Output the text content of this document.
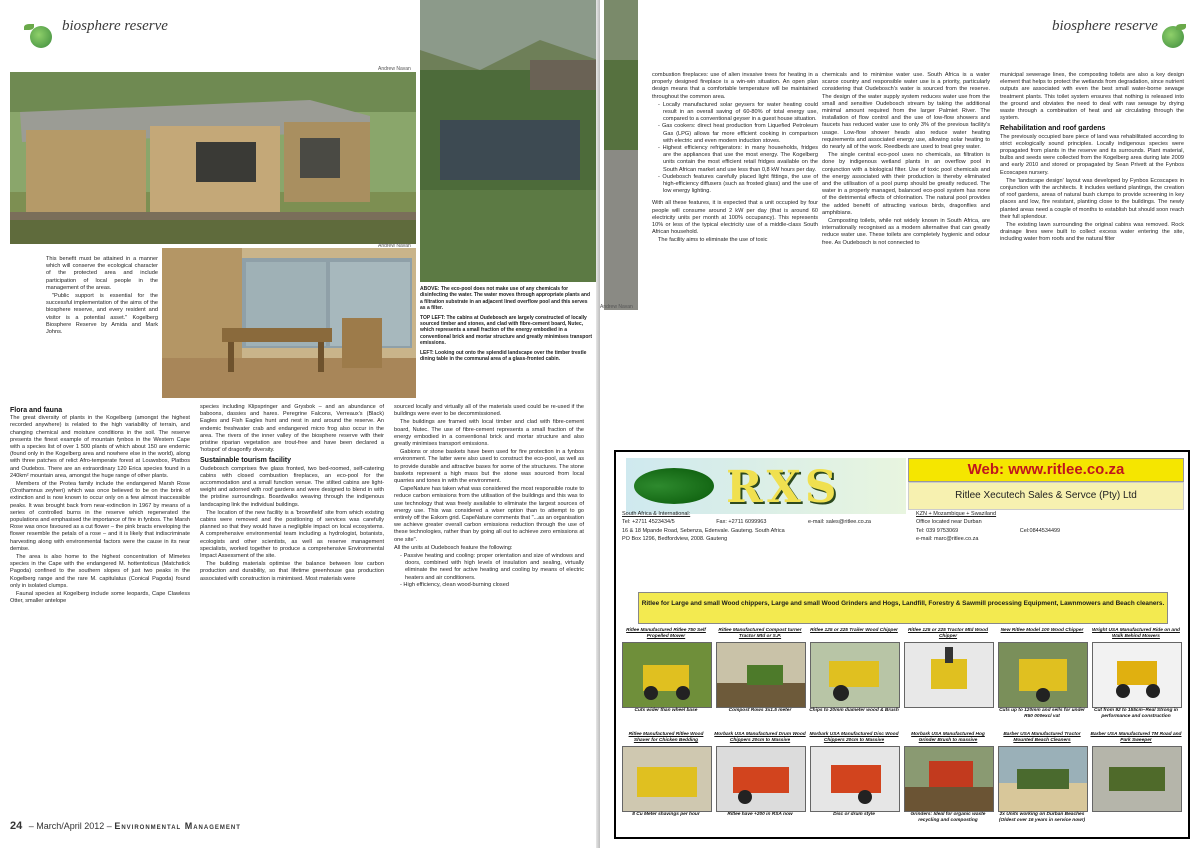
biosphere reserve
Andrew Navan
Andrew Navan

This benefit must be attained in a manner which will conserve the ecological character of the protected area and include participation of local people in the management of the areas.

"Public support is essential for the successful implementation of the aims of the biosphere reserve, and every resident and visitor is a potential asset." Kogelberg Biosphere Reserve by Amida and Mark Johns.

ABOVE: The eco-pool does not make use of any chemicals for disinfecting the water. The water moves through appropriate plants and a filtration substrate in an adjacent lined overflow pool and this serves as a filter.

TOP LEFT: The cabins at Oudebosch are largely constructed of locally sourced timber and stones, and clad with fibre-cement board, Nutec, which represents a small fraction of the energy embodied in a conventional brick and mortar structure and greatly minimises transport emissions.

LEFT: Looking out onto the splendid landscape over the timber trestle dining table in the communal area of a glass-fronted cabin.

Flora and fauna

The great diversity of plants in the Kogelberg (amongst the highest recorded anywhere) is related to the high variability of terrain, and changing chemical and moisture conditions in the soil. The reserve presents the finest example of mountain fynbos in the Western Cape with a species list of over 1 500 plants of which about 150 are endemic (found only in the Kogelberg area and nowhere else in the world), along with three patches of relict Afro-temperate forest at Louwsbos, Platbos and Oudebos. There are an extraordinary 120 Erica species found in a 240km² mountain area, amongst the huge range of other plants.

Members of the Protea family include the endangered Marsh Rose (Orothamnus zeyheri) which was once believed to be on the brink of extinction and is now known to occur only on a few almost inaccessible peaks. It was brought back from near-extinction in 1967 by means of a series of controlled burns in the reserve which regenerated the populations and emphasised the importance of fire in fynbos. The Marsh Rose was once favoured as a cut flower – the pink bracts enveloping the flower resemble the petals of a rose – and it is likely that indiscriminate harvesting along with environmental factors were the cause in its near demise.

The area is also home to the highest concentration of Mimetes species in the Cape with the endangered M. hottentoticus (Matchstick Pagoda) confined to the southern slopes of just two peaks in the Kogelberg range and the rare M. capitulatus (Conical Pagoda) found only in isolated clumps.

Faunal species at Kogelberg include some leopards, Cape Clawless Otter, smaller antelope

species including Klipspringer and Grysbok – and an abundance of baboons, dassies and hares. Peregrine Falcons, Verreaux's (Black) Eagles and Fish Eagles hunt and nest in and around the reserve. An endemic freshwater crab and endangered micro frog also occur in the area. The rivers of the inner valley of the biosphere reserve with their pristine riparian vegetation are trout-free and have been declared a 'hotspot' of dragonfly diversity.

Sustainable tourism facility

Oudebosch comprises five glass fronted, two bed-roomed, self-catering cabins with closed combustion fireplaces, an eco-pool for the accommodation and a small function venue. The stilted cabins are light-weight and adorned with roof gardens and were designed to blend in with the pristine surroundings. Boardwalks weaving through the indigenous landscaping link the individual buildings.

The location of the new facility is a 'brownfield' site from which existing cabins were removed and the positioning of services was carefully planned so that they would have a negligible impact on local ecosystems. A comprehensive environmental team including a hydrologist, botanists, ecologists and other scientists, as well as reserve management specialists, worked together to produce a comprehensive Environmental Impact Assessment of the site.

The building materials optimise the balance between low carbon production and durability, so that lifetime greenhouse gas production associated with construction is minimised. Most materials were

sourced locally and virtually all of the materials used could be re-used if the buildings were ever to be decommissioned.

The buildings are framed with local timber and clad with fibre-cement board, Nutec. The use of fibre-cement represents a small fraction of the energy embodied in a conventional brick and mortar structure and also greatly minimises transport emissions.

Gabions or stone baskets have been used for fire protection in a fynbos environment. The latter were also used to construct the eco-pool, as well as to provide durable and attractive bases for some of the structures. The stone baskets represent a high mass but the stone was sourced from local quarries and tones in with the environment.

CapeNature has taken what was considered the most responsible route to reduce carbon emissions from the utilisation of the buildings and this was to use technology that was freely available to eliminate the largest sources of energy use. This was considered a wiser option than to attempt to go entirely off the Eskom grid. CapeNature comments that "...as an organisation we achieve greater overall carbon emissions reduction through the use of these technologies, rather than by going all out to achieve zero emissions at one site".

All the units at Oudebosch feature the following:

- Passive heating and cooling: proper orientation and size of windows and doors, combined with high levels of insulation and sealing, virtually eliminate the need for active heating and cooling by means of electric heaters and air conditioners.
- High efficiency, clean wood-burning closed
24 – March/April 2012 – Environmental Management
biosphere reserve
Andrew Navan

combustion fireplaces: use of alien invasive trees for heating in a properly designed fireplace is a win-win situation. An open plan design means that a comfortable temperature will be maintained throughout the common area.

- Locally manufactured solar geysers for water heating could result in an overall saving of 60-80% of total energy use, compared to a conventional geyser in a guest house situation.
- Gas cookers: direct heat production from Liquefied Petroleum Gas (LPG) allows far more efficient cooking in comparison with electric and even modern induction stoves.
- Highest efficiency refrigerators: in many households, fridges are the appliances that use the most energy. The Kogelberg units contain the most efficient retail fridges available on the South African market and use less than 0,8 kW hours per day.
- Oudebosch features carefully placed light fittings, the use of high-efficiency diffusers (such as frosted glass) and the use of low energy lighting.

With all these features, it is expected that a unit occupied by four people will consume around 2 kW per day (that is around 60 electricity units per month at 100% occupancy). This represents 10% or less of the typical electricity use of a middle-class South African household.

The facility aims to eliminate the use of toxic

chemicals and to minimise water use. South Africa is a water scarce country and responsible water use is a priority, particularly considering that Oudebosch's water is sourced from the reserve. The design of the water supply system reduces water use from the small and sensitive Oudebosch stream by taking the additional minimal amount required from the larger Palmiet River. The installation of flow control and the use of low-flow showers and faucets has reduced water use to only 3% of the previous facility's usage. Low-flow shower heads also reduce water heating requirements and associated energy use, allowing solar heating to do nearly all of the work. Reedbeds are used to treat grey water.

The single central eco-pool uses no chemicals, as filtration is done by indigenous wetland plants in an overflow pool in conjunction with a biological filter. Use of toxic pool chemicals and the energy associated with their production is thereby eliminated and the utilisation of a pool pump should be greatly reduced. The water in a properly managed, balanced eco-pool system has none of the detrimental effects of chlorination. The natural pool provides the added benefit of attracting various birds, dragonflies and amphibians.

Composting toilets, while not widely known in South Africa, are internationally recognised as a modern alternative that can greatly reduce water use. These toilets are completely hygienic and odour free. As Oudebosch is not connected to

municipal sewerage lines, the composting toilets are also a key design element that helps to protect the wetlands from degradation, since nutrient outputs are associated with even the best small water-borne sewage treatment plants. This toilet system ensures that nothing is released into the ground and obviates the need to deal with raw sewage by drying waste through a combination of heat and air circulating through the system.

Rehabilitation and roof gardens

The previously occupied bare piece of land was rehabilitated according to strict ecologically sound principles. Locally indigenous species were propagated from plants in the reserve and its surrounds. Plant material, bulbs and seeds were collected from the Kogelberg area during late 2009 and early 2010 and stored or propagated by Sean Privett at the Fynbos Ecoscapes nursery.

The 'landscape design' layout was developed by Fynbos Ecoscapes in conjunction with the architects. It includes wetland plantings, the creation of roof gardens, areas of natural bush clumps to provide screening in key places and low, fire resistant, planting close to the buildings. The newly planted areas need a couple of months to establish but should soon reach their full splendour.

The existing lawn surrounding the original cabins was removed. Rock drainage lines were built to collect excess water entering the site, including water from roofs and the natural filter

RXS	Web: www.ritlee.co.za
Ritlee Xecutech Sales & Servce (Pty) Ltd
South Africa & International:
Tel: +2711 4523434/5	Fax: +2711 6099963	e-mail: sales@ritlee.co.za
16 & 18 Mpande Road, Sebenza, Edenvale. Gauteng. South Africa
PO Box 1296, Bedfordview, 2008. Gauteng
KZN + Mozambique + Swaziland
Office located near Durban
Tel: 039 9753069	Cel:0844534499
e-mail: marc@ritlee.co.za
Ritlee for Large and small Wood chippers, Large and small Wood Grinders and Hogs, Landfill, Forestry & Sawmill processing Equipment, Lawnmowers and Beach cleaners.
Ritlee Manufactured Ritlee 750 Self Propelled Mower
Cuts wider than wheel base
Ritlee Manufactured Compost turner Tractor Mtd or S.P.
Compost Rows 3x1.5 meter
Ritlee 125 or 225 Trailer Wood Chipper
Chips to 20mm diameter wood & Brush
Ritlee 125 or 225 Tractor Mtd Wood Chipper
New Ritlee Model 100 Wood Chipper
Cuts up to 120mm and sells for under R50 000excl vat
Wright USA Manufactured Ride on and Walk Behind Mowers
Cut from 92 to 155cm–Real Strong in performance and construction
Ritlee Manufactured Ritlee Wood Shaver for Chicken Bedding
8 Cu Meter shavings per hour
Morbark USA Manufactured Drum Wood Chippers 20cm to Massive
Ritlee have +200 in RSA now
Morbark USA Manufactured Disc Wood Chippers 20cm to Massive
Disc or drum style
Morbark USA Manufactured Hog Grinder Brush to massive
Grinders: Ideal for organic waste recycling and composting
Barber USA Manufactured Tractor Mounted Beach Cleaners
2x Units working on Durban Beaches (Oldest over 16 years in service now!)
Barber USA Manufactured TM Road and Park Sweeper
